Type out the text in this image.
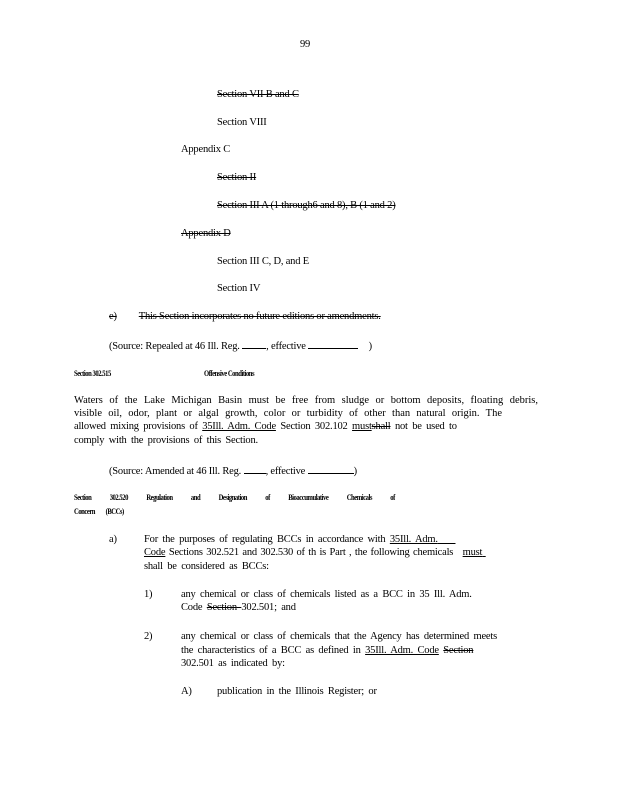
99
Section VII B and C
Section VIII
Appendix C
Section II
Section III A (1 through6 and 8), B (1 and 2)
Appendix D
Section III C, D, and E
Section IV
e) This Section incorporates no future editions or amendments.
(Source: Repealed at 46 Ill. Reg.	, effective	)
Section 302.515	Offensive Conditions
Waters of the Lake Michigan Basin must be free from sludge or bottom deposits, floating debris,
visible oil, odor, plant or algal growth, color or turbidity of other than natural origin. The
allowed mixing provisions of 35Ill. Adm. Code Section 302.102 mustshall not be used to
comply with the provisions of this Section.
(Source: Amended at 46 Ill. Reg. , effective	)
Section 302.520 Regulation and Designation of Bioaccumulative Chemicals of
Concern (BCCs)
a)	For the purposes of regulating BCCs in accordance with 35Ill. Adm.
Code Sections 302.521 and 302.530 of th is Part , the following chemicals must
shall be considered as BCCs:
1)	any chemical or class of chemicals listed as a BCC in 35 Ill. Adm.
Code Section 302.501; and
2)	any chemical or class of chemicals that the Agency has determined meets
the characteristics of a BCC as defined in 35Ill. Adm. Code Section
302.501 as indicated by:
A) publication in the Illinois Register; or
